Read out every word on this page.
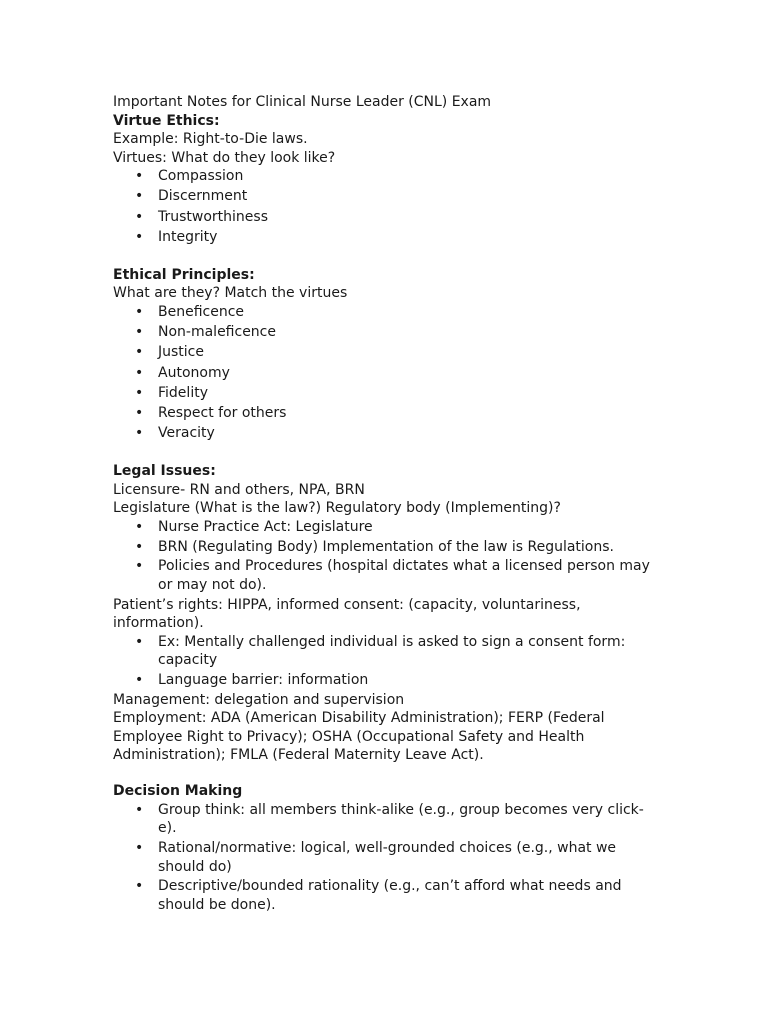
Important Notes for Clinical Nurse Leader (CNL) Exam

Virtue Ethics:

Example: Right-to-Die laws.

Virtues: What do they look like?

• Compassion
• Discernment
• Trustworthiness
• Integrity

Ethical Principles:

What are they? Match the virtues

• Beneficence
• Non-maleficence
• Justice
• Autonomy
• Fidelity
• Respect for others
• Veracity

Legal Issues:

Licensure- RN and others, NPA, BRN

Legislature (What is the law?) Regulatory body (Implementing)?

• Nurse Practice Act: Legislature
• BRN (Regulating Body) Implementation of the law is Regulations.
• Policies and Procedures (hospital dictates what a licensed person may or may not do).

Patient’s rights: HIPPA, informed consent: (capacity, voluntariness, information).

• Ex: Mentally challenged individual is asked to sign a consent form: capacity
• Language barrier: information

Management: delegation and supervision

Employment: ADA (American Disability Administration); FERP (Federal Employee Right to Privacy); OSHA (Occupational Safety and Health Administration); FMLA (Federal Maternity Leave Act).

Decision Making

• Group think: all members think-alike (e.g., group becomes very click-e).
• Rational/normative: logical, well-grounded choices (e.g., what we should do)
• Descriptive/bounded rationality (e.g., can’t afford what needs and should be done).
